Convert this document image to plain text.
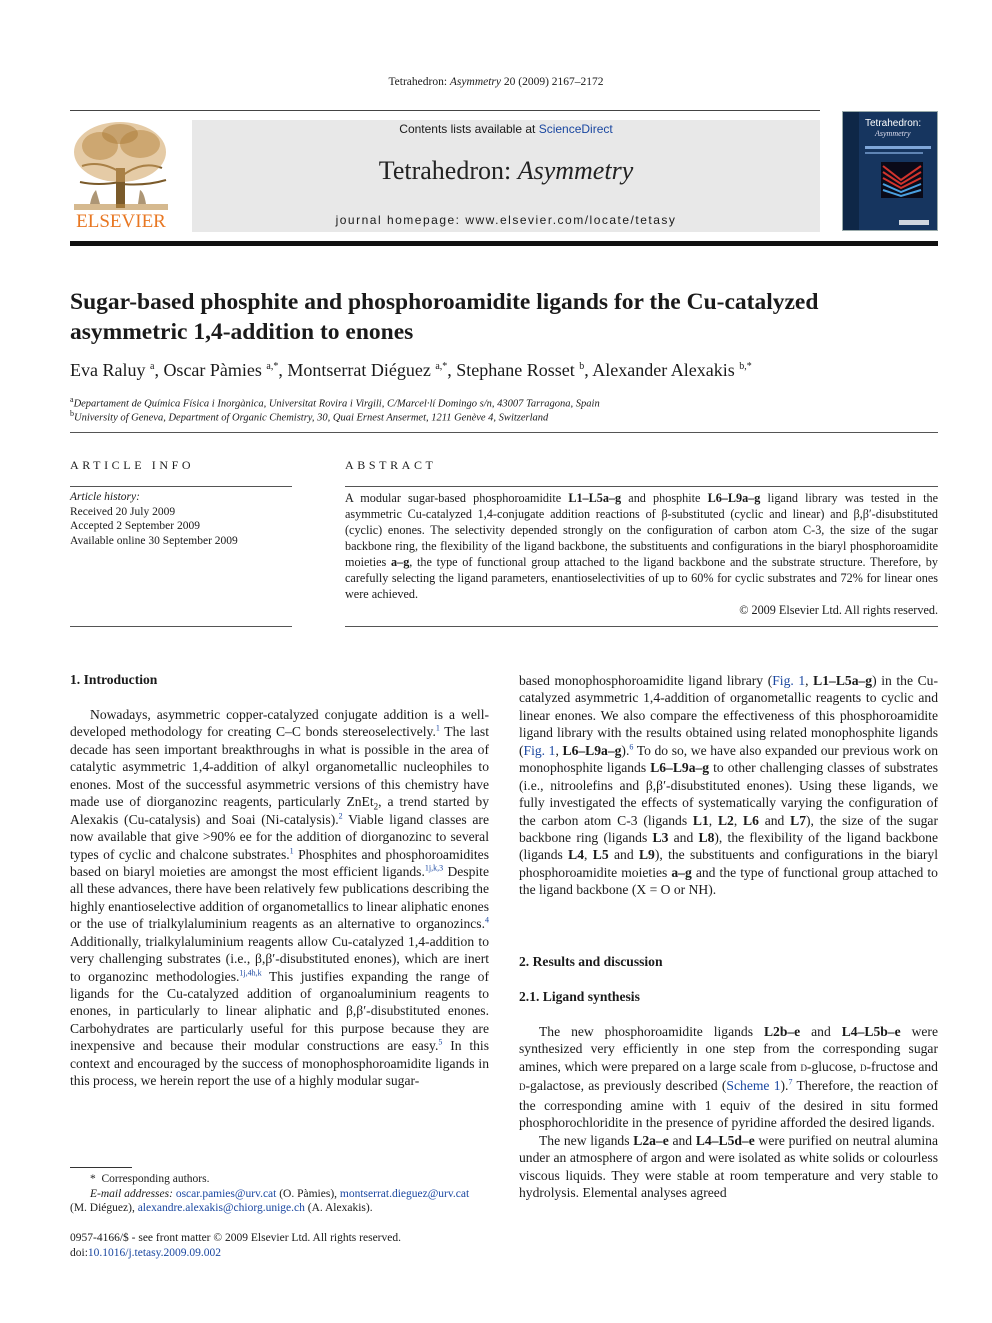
Tetrahedron: Asymmetry 20 (2009) 2167–2172
ELSEVIER
Contents lists available at ScienceDirect
Tetrahedron: Asymmetry
journal homepage: www.elsevier.com/locate/tetasy
Tetrahedron:
Asymmetry
Sugar-based phosphite and phosphoroamidite ligands for the Cu-catalyzed asymmetric 1,4-addition to enones
Eva Raluy $^a$, Oscar Pàmies $^{a,*}$, Montserrat Diéguez $^{a,*}$, Stephane Rosset $^b$, Alexander Alexakis $^{b,*}$
$^a$Departament de Química Física i Inorgànica, Universitat Rovira i Virgili, C/Marcel·lí Domingo s/n, 43007 Tarragona, Spain
$^b$University of Geneva, Department of Organic Chemistry, 30, Quai Ernest Ansermet, 1211 Genève 4, Switzerland
ARTICLE INFO
Article history:
Received 20 July 2009
Accepted 2 September 2009
Available online 30 September 2009
ABSTRACT
A modular sugar-based phosphoroamidite L1–L5a–g and phosphite L6–L9a–g ligand library was tested in the asymmetric Cu-catalyzed 1,4-conjugate addition reactions of β-substituted (cyclic and linear) and β,β′-disubstituted (cyclic) enones. The selectivity depended strongly on the configuration of carbon atom C-3, the size of the sugar backbone ring, the flexibility of the ligand backbone, the substituents and configurations in the biaryl phosphoroamidite moieties a–g, the type of functional group attached to the ligand backbone and the substrate structure. Therefore, by carefully selecting the ligand parameters, enantioselectivities of up to 60% for cyclic substrates and 72% for linear ones were achieved.
© 2009 Elsevier Ltd. All rights reserved.
1. Introduction

Nowadays, asymmetric copper-catalyzed conjugate addition is a well-developed methodology for creating C–C bonds stereoselectively.$^1$ The last decade has seen important breakthroughs in what is possible in the area of catalytic asymmetric 1,4-addition of alkyl organometallic nucleophiles to enones. Most of the successful asymmetric versions of this chemistry have made use of diorganozinc reagents, particularly ZnEt$_2$, a trend started by Alexakis (Cu-catalysis) and Soai (Ni-catalysis).$^2$ Viable ligand classes are now available that give >90% ee for the addition of diorganozinc to several types of cyclic and chalcone substrates.$^1$ Phosphites and phosphoroamidites based on biaryl moieties are amongst the most efficient ligands.$^{1j,k,3}$ Despite all these advances, there have been relatively few publications describing the highly enantioselective addition of organometallics to linear aliphatic enones or the use of trialkylaluminium reagents as an alternative to organozincs.$^4$ Additionally, trialkylaluminium reagents allow Cu-catalyzed 1,4-addition to very challenging substrates (i.e., β,β′-disubstituted enones), which are inert to organozinc methodologies.$^{1j,4h,k}$ This justifies expanding the range of ligands for the Cu-catalyzed addition of organoaluminium reagents to enones, in particularly to linear aliphatic and β,β′-disubstituted enones. Carbohydrates are particularly useful for this purpose because they are inexpensive and because their modular constructions are easy.$^5$ In this context and encouraged by the success of monophosphoroamidite ligands in this process, we herein report the use of a highly modular sugar-

* Corresponding authors.
E-mail addresses: oscar.pamies@urv.cat (O. Pàmies), montserrat.dieguez@urv.cat
(M. Diéguez), alexandre.alexakis@chiorg.unige.ch (A. Alexakis).
0957-4166/$ - see front matter © 2009 Elsevier Ltd. All rights reserved.
doi:10.1016/j.tetasy.2009.09.002

based monophosphoroamidite ligand library (Fig. 1, L1–L5a–g) in the Cu-catalyzed asymmetric 1,4-addition of organometallic reagents to cyclic and linear enones. We also compare the effectiveness of this phosphoroamidite ligand library with the results obtained using related monophosphite ligands (Fig. 1, L6–L9a–g).$^6$ To do so, we have also expanded our previous work on monophosphite ligands L6–L9a–g to other challenging classes of substrates (i.e., nitroolefins and β,β′-disubstituted enones). Using these ligands, we fully investigated the effects of systematically varying the configuration of the carbon atom C-3 (ligands L1, L2, L6 and L7), the size of the sugar backbone ring (ligands L3 and L8), the flexibility of the ligand backbone (ligands L4, L5 and L9), the substituents and configurations in the biaryl phosphoroamidite moieties a–g and the type of functional group attached to the ligand backbone (X = O or NH).

2. Results and discussion
2.1. Ligand synthesis

The new phosphoroamidite ligands L2b–e and L4–L5b–e were synthesized very efficiently in one step from the corresponding sugar amines, which were prepared on a large scale from D-glucose, D-fructose and D-galactose, as previously described (Scheme 1).$^7$ Therefore, the reaction of the corresponding amine with 1 equiv of the desired in situ formed phosphorochloridite in the presence of pyridine afforded the desired ligands.

The new ligands L2a–e and L4–L5d–e were purified on neutral alumina under an atmosphere of argon and were isolated as white solids or colourless viscous liquids. They were stable at room temperature and very stable to hydrolysis. Elemental analyses agreed
